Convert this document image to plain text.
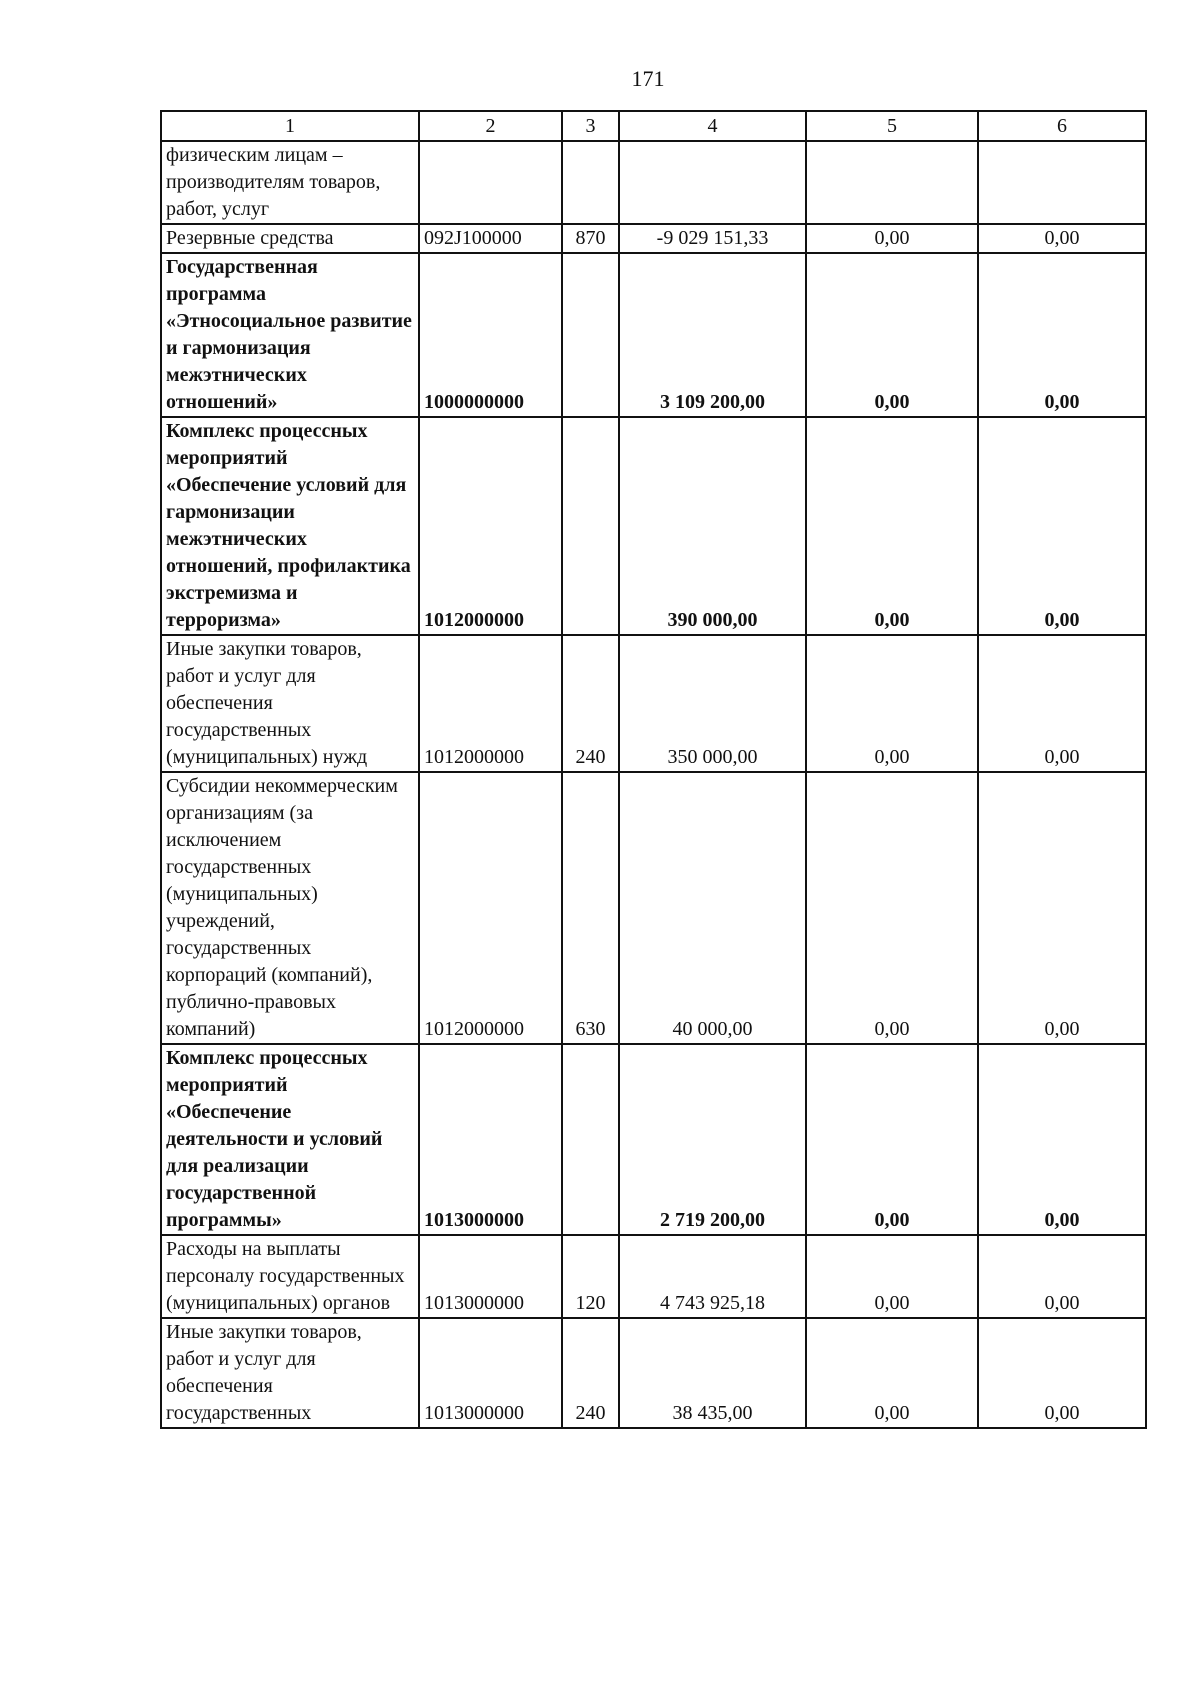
171
1	2	3	4	5	6
физическим лицам – производителям товаров, работ, услуг					
Резервные средства	092J100000	870	-9 029 151,33	0,00	0,00
Государственная программа «Этносоциальное развитие и гармонизация межэтнических отношений»	1000000000		3 109 200,00	0,00	0,00
Комплекс процессных мероприятий «Обеспечение условий для гармонизации межэтнических отношений, профилактика экстремизма и терроризма»	1012000000		390 000,00	0,00	0,00
Иные закупки товаров, работ и услуг для обеспечения государственных (муниципальных) нужд	1012000000	240	350 000,00	0,00	0,00
Субсидии некоммерческим организациям (за исключением государственных (муниципальных) учреждений, государственных корпораций (компаний), публично-правовых компаний)	1012000000	630	40 000,00	0,00	0,00
Комплекс процессных мероприятий «Обеспечение деятельности и условий для реализации государственной программы»	1013000000		2 719 200,00	0,00	0,00
Расходы на выплаты персоналу государственных (муниципальных) органов	1013000000	120	4 743 925,18	0,00	0,00
Иные закупки товаров, работ и услуг для обеспечения государственных	1013000000	240	38 435,00	0,00	0,00
